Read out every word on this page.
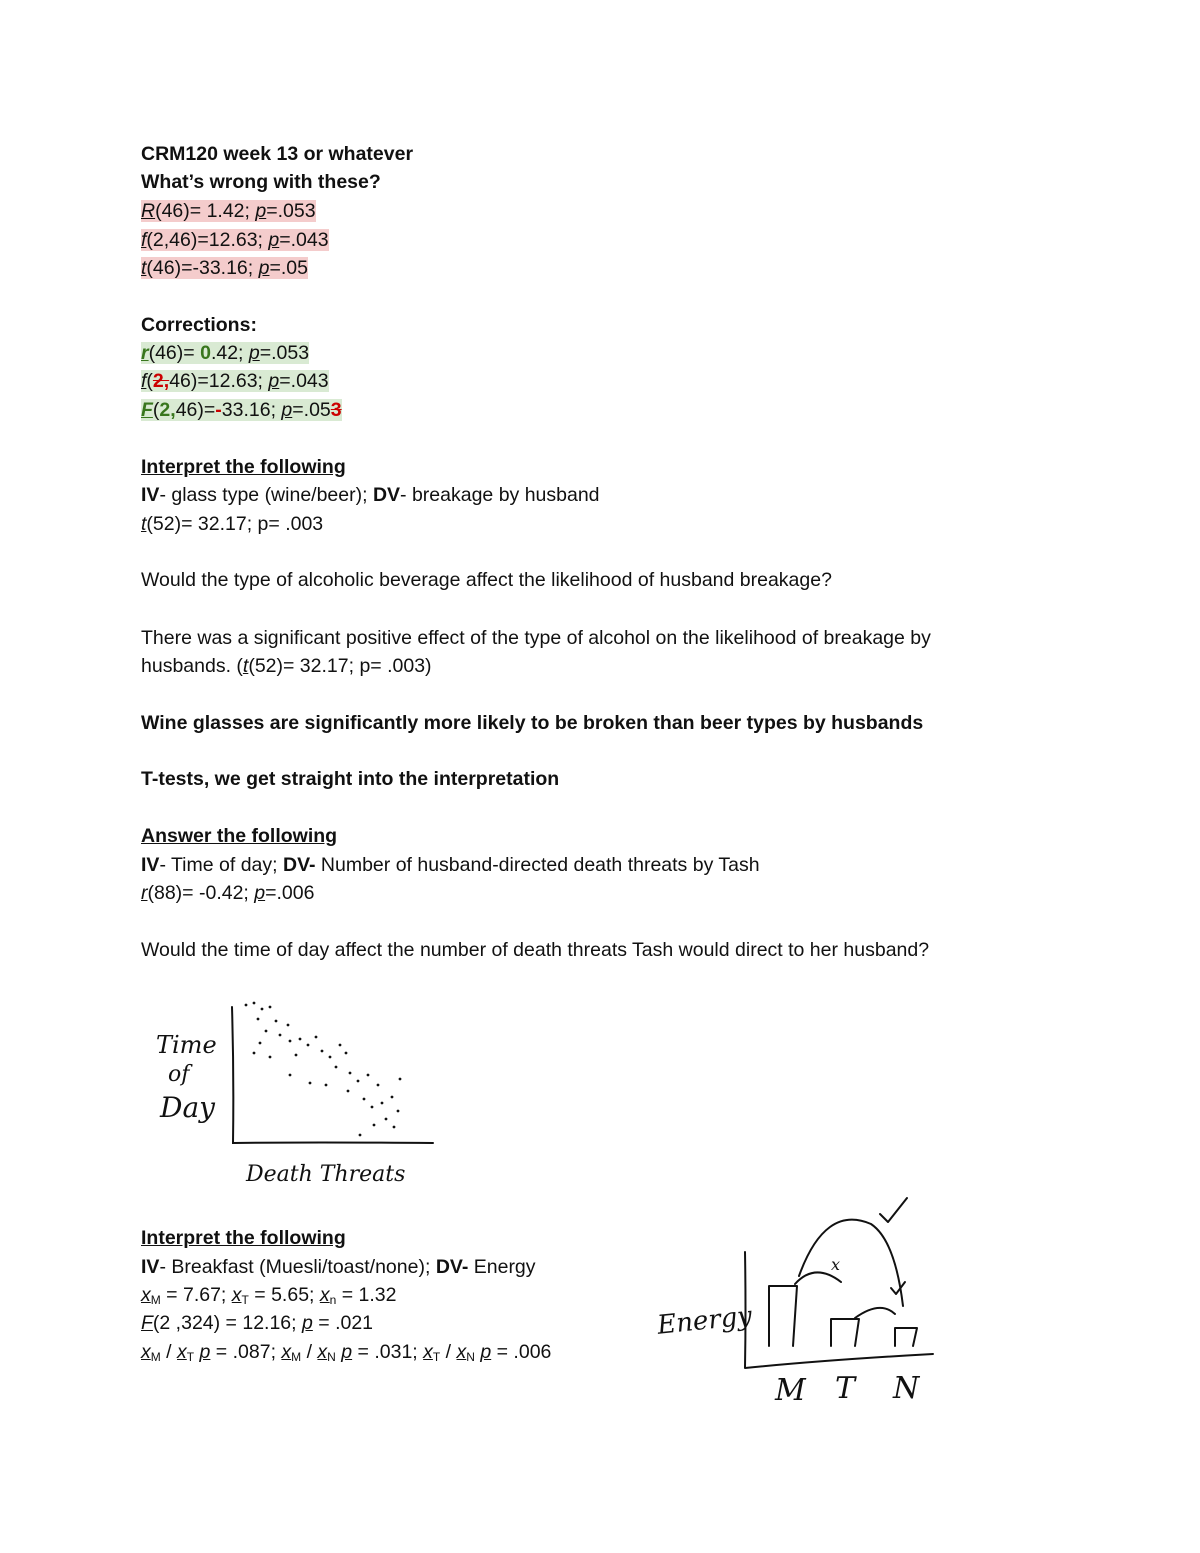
CRM120 week 13 or whatever
What’s wrong with these?
R(46)= 1.42; p=.053
f(2,46)=12.63; p=.043
t(46)=-33.16; p=.05
Corrections:
r(46)= 0.42; p=.053
f(2,46)=12.63; p=.043
F(2,46)=-33.16; p=.053
Interpret the following
IV- glass type (wine/beer); DV- breakage by husband
t(52)= 32.17; p= .003
Would the type of alcoholic beverage affect the likelihood of husband breakage?
There was a significant positive effect of the type of alcohol on the likelihood of breakage by
husbands. (t(52)= 32.17; p= .003)
Wine glasses are significantly more likely to be broken than beer types by husbands
T-tests, we get straight into the interpretation
Answer the following
IV- Time of day; DV- Number of husband-directed death threats by Tash
r(88)= -0.42; p=.006
Would the time of day affect the number of death threats Tash would direct to her husband?
Time
of
Day
Death Threats
Interpret the following
IV- Breakfast (Muesli/toast/none); DV- Energy
$x_M = 7.67$; $x_T = 5.65$; $x_n = 1.32$
F(2 ,324) = 12.16; p = .021
$x_M / x_T$ p = .087; $x_M / x_N$ p = .031; $x_T / x_N$ p = .006
x
Energy
M T N
